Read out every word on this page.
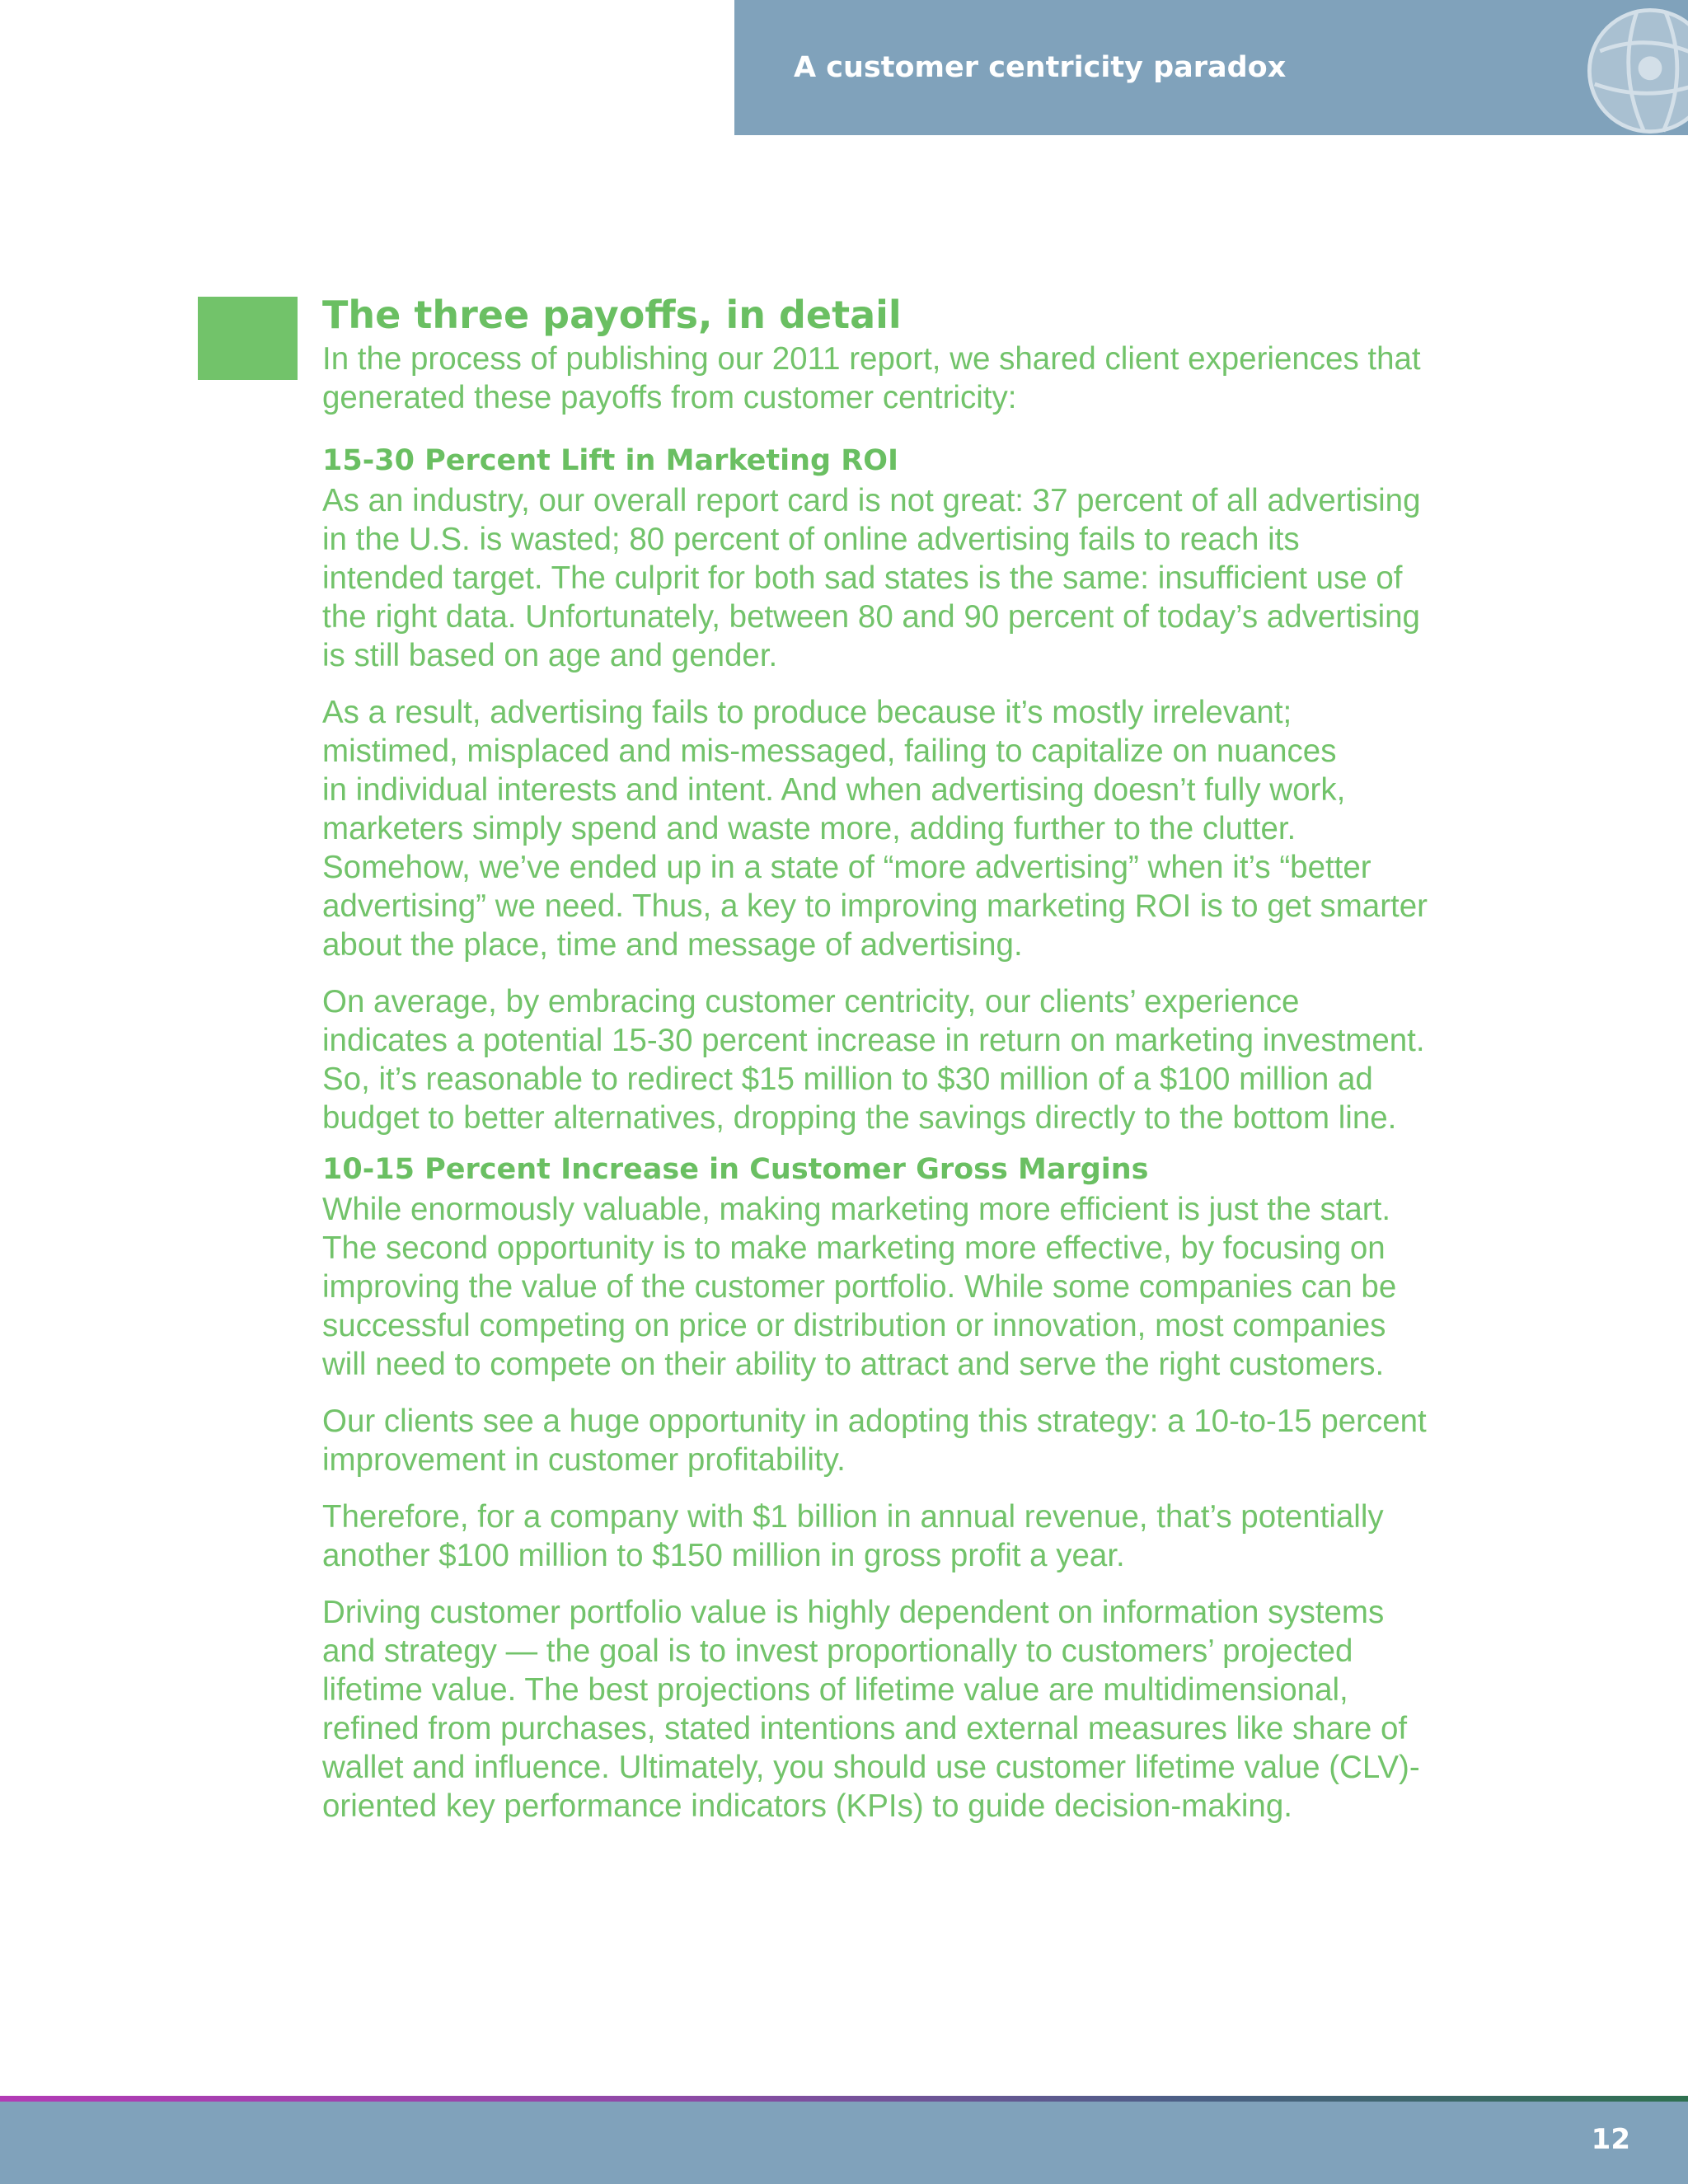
A customer centricity paradox
The three payoffs, in detail

In the process of publishing our 2011 report, we shared client experiences that
generated these payoffs from customer centricity:

15-30 Percent Lift in Marketing ROI

As an industry, our overall report card is not great: 37 percent of all advertising
in the U.S. is wasted; 80 percent of online advertising fails to reach its
intended target. The culprit for both sad states is the same: insufficient use of
the right data. Unfortunately, between 80 and 90 percent of today’s advertising
is still based on age and gender.

As a result, advertising fails to produce because it’s mostly irrelevant;
mistimed, misplaced and mis-messaged, failing to capitalize on nuances
in individual interests and intent. And when advertising doesn’t fully work,
marketers simply spend and waste more, adding further to the clutter.
Somehow, we’ve ended up in a state of “more advertising” when it’s “better
advertising” we need. Thus, a key to improving marketing ROI is to get smarter
about the place, time and message of advertising.

On average, by embracing customer centricity, our clients’ experience
indicates a potential 15-30 percent increase in return on marketing investment.
So, it’s reasonable to redirect $15 million to $30 million of a $100 million ad
budget to better alternatives, dropping the savings directly to the bottom line.

10-15 Percent Increase in Customer Gross Margins

While enormously valuable, making marketing more efficient is just the start.
The second opportunity is to make marketing more effective, by focusing on
improving the value of the customer portfolio. While some companies can be
successful competing on price or distribution or innovation, most companies
will need to compete on their ability to attract and serve the right customers.

Our clients see a huge opportunity in adopting this strategy: a 10-to-15 percent
improvement in customer profitability.

Therefore, for a company with $1 billion in annual revenue, that’s potentially
another $100 million to $150 million in gross profit a year.

Driving customer portfolio value is highly dependent on information systems
and strategy — the goal is to invest proportionally to customers’ projected
lifetime value. The best projections of lifetime value are multidimensional,
refined from purchases, stated intentions and external measures like share of
wallet and influence. Ultimately, you should use customer lifetime value (CLV)-
oriented key performance indicators (KPIs) to guide decision-making.

12
